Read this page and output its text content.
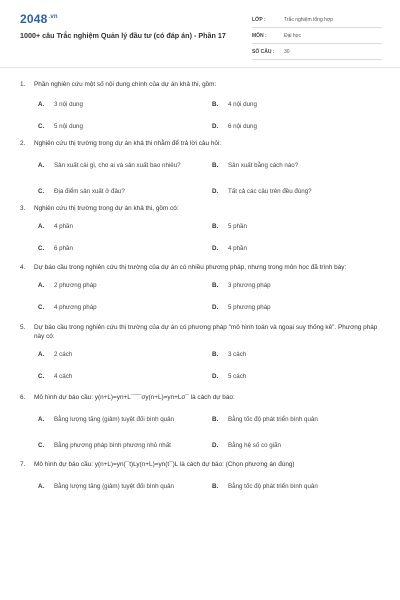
$2048^{.vn}$
1000+ câu Trắc nghiệm Quản lý đầu tư (có đáp án) - Phần 17
LỚP :	Trắc nghiệm tổng hợp
MÔN :	Đại học
SỐ CÂU : 30
1.	Phần nghiên cứu một số nội dung chính của dự án khả thi, gồm:
A.	3 nội dung	B.	4 nội dung
C.	5 nội dung	D.	6 nội dung
2.	Nghiên cứu thị trường trong dự án khả thi nhằm để trả lời câu hỏi:
A.	Sản xuất cái gì, cho ai và sản xuất bao nhiêu?	B.	Sản xuất bằng cách nào?
C.	Địa điểm sản xuất ở đâu?	D.	Tất cả các câu trên đều đúng?
3.	Nghiên cứu thị trường trong dự án khả thi, gồm có:
A.	4 phần	B.	5 phần
C.	6 phần	D.	4 phần
4.	Dự báo cầu trong nghiên cứu thị trường của dự án có nhiều phương pháp, nhưng trong môn học đã trình bày:
A.	2 phương pháp	B.	3 phương pháp
C.	4 phương pháp	D.	5 phương pháp
5.	Dự báo cầu trong nghiên cứu thị trường của dự án có phương pháp "mô hình toán và ngoại suy thống kê". Phương pháp này có:
A.	2 cách	B.	3 cách
C.	4 cách	D.	5 cách
6.	Mô hình dự báo cầu: y(n+L)=yn+L¯¯¯σy(n+L)=yn+Lσ¯ là cách dự báo:
A.	Bằng lượng tăng (giảm) tuyệt đối bình quân	B.	Bằng tốc độ phát triển bình quân
C.	Bằng phương pháp bình phương nhỏ nhất	D.	Bằng hệ số co giãn
7.	Mô hình dự báo cầu: y(n+L)=yn(¯t)Ly(n+L)=yn(t¯)L là cách dự báo: (Chọn phương án đúng)
A.	Bằng lượng tăng (giảm) tuyệt đối bình quân	B.	Bằng tốc độ phát triển bình quân
